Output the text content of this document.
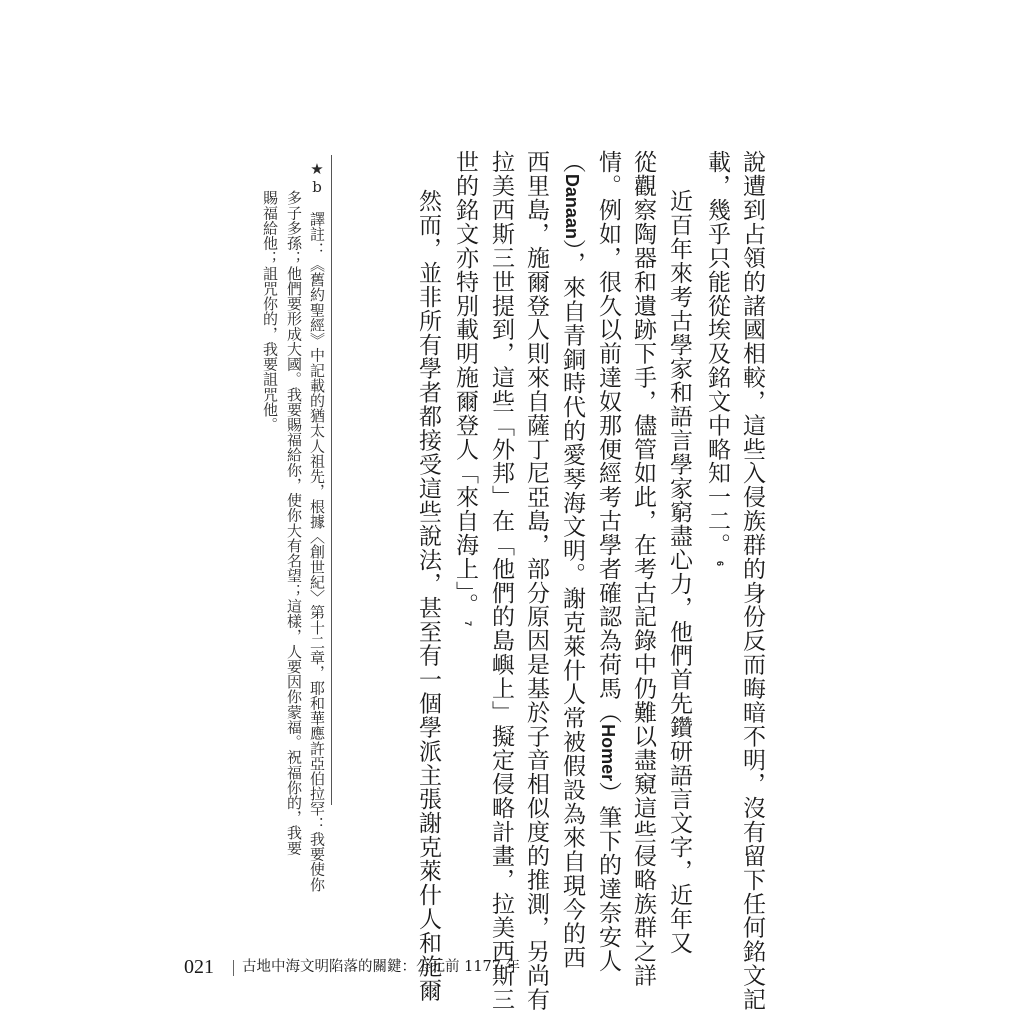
說遭到占領的諸國相較，這些入侵族群的身份反而晦暗不明，沒有留下任何銘文記
載，幾乎只能從埃及銘文中略知一二。6
近百年來考古學家和語言學家窮盡心力，他們首先鑽研語言文字，近年又
從觀察陶器和遺跡下手，儘管如此，在考古記錄中仍難以盡窺這些侵略族群之詳
情。例如，很久以前達奴那便經考古學者確認為荷馬（Homer）筆下的達奈安人
（Danaan），來自青銅時代的愛琴海文明。謝克萊什人常被假設為來自現今的西
西里島，施爾登人則來自薩丁尼亞島，部分原因是基於子音相似度的推測，另尚有
拉美西斯三世提到，這些「外邦」在「他們的島嶼上」擬定侵略計畫，拉美西斯三
世的銘文亦特別載明施爾登人「來自海上」。7
然而，並非所有學者都接受這些說法，甚至有一個學派主張謝克萊什人和施爾
★b　譯註：《舊約聖經》中記載的猶太人祖先，根據〈創世紀〉第十二章，耶和華應許亞伯拉罕：我要使你
多子多孫；他們要形成大國。我要賜福給你，使你大有名望；這樣，人要因你蒙福。祝福你的，我要
賜福給他；詛咒你的，我要詛咒他。
021 古地中海文明陷落的關鍵：公元前 1177 年
